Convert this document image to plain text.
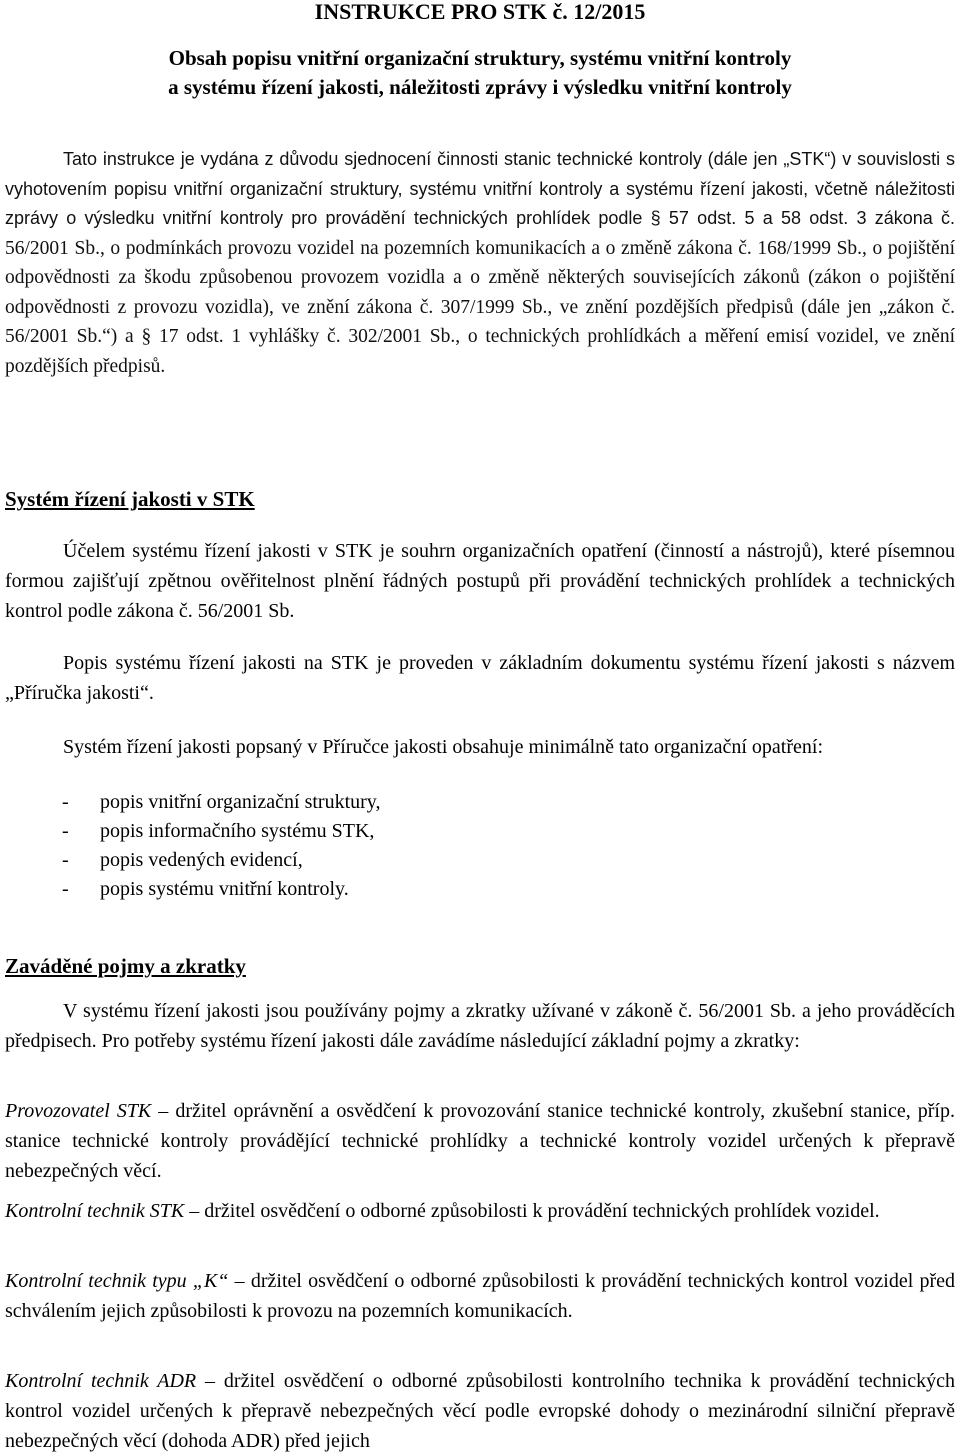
INSTRUKCE PRO STK č. 12/2015

Obsah popisu vnitřní organizační struktury, systému vnitřní kontroly
a systému řízení jakosti, náležitosti zprávy i výsledku vnitřní kontroly

Tato instrukce je vydána z důvodu sjednocení činnosti stanic technické kontroly (dále jen „STK“) v souvislosti s vyhotovením popisu vnitřní organizační struktury, systému vnitřní kontroly a systému řízení jakosti, včetně náležitosti zprávy o výsledku vnitřní kontroly pro provádění technických prohlídek podle § 57 odst. 5 a 58 odst. 3 zákona č. 56/2001 Sb., o podmínkách provozu vozidel na pozemních komunikacích a o změně zákona č. 168/1999 Sb., o pojištění odpovědnosti za škodu způsobenou provozem vozidla a o změně některých souvisejících zákonů (zákon o pojištění odpovědnosti z provozu vozidla), ve znění zákona č. 307/1999 Sb., ve znění pozdějších předpisů (dále jen „zákon č. 56/2001 Sb.“) a § 17 odst. 1 vyhlášky č. 302/2001 Sb., o technických prohlídkách a měření emisí vozidel, ve znění pozdějších předpisů.

Systém řízení jakosti v STK

Účelem systému řízení jakosti v STK je souhrn organizačních opatření (činností a nástrojů), které písemnou formou zajišťují zpětnou ověřitelnost plnění řádných postupů při provádění technických prohlídek a technických kontrol podle zákona č. 56/2001 Sb.

Popis systému řízení jakosti na STK je proveden v základním dokumentu systému řízení jakosti s názvem „Příručka jakosti“.

Systém řízení jakosti popsaný v Příručce jakosti obsahuje minimálně tato organizační opatření:

-	popis vnitřní organizační struktury,
-	popis informačního systému STK,
-	popis vedených evidencí,
-	popis systému vnitřní kontroly.
Zaváděné pojmy a zkratky

V systému řízení jakosti jsou používány pojmy a zkratky užívané v zákoně č. 56/2001 Sb. a jeho prováděcích předpisech. Pro potřeby systému řízení jakosti dále zavádíme následující základní pojmy a zkratky:

Provozovatel STK – držitel oprávnění a osvědčení k provozování stanice technické kontroly, zkušební stanice, příp. stanice technické kontroly provádějící technické prohlídky a technické kontroly vozidel určených k přepravě nebezpečných věcí.

Kontrolní technik STK – držitel osvědčení o odborné způsobilosti k provádění technických prohlídek vozidel.

Kontrolní technik typu „K“ – držitel osvědčení o odborné způsobilosti k provádění technických kontrol vozidel před schválením jejich způsobilosti k provozu na pozemních komunikacích.

Kontrolní technik ADR – držitel osvědčení o odborné způsobilosti kontrolního technika k provádění technických kontrol vozidel určených k přepravě nebezpečných věcí podle evropské dohody o mezinárodní silniční přepravě nebezpečných věcí (dohoda ADR) před jejich
